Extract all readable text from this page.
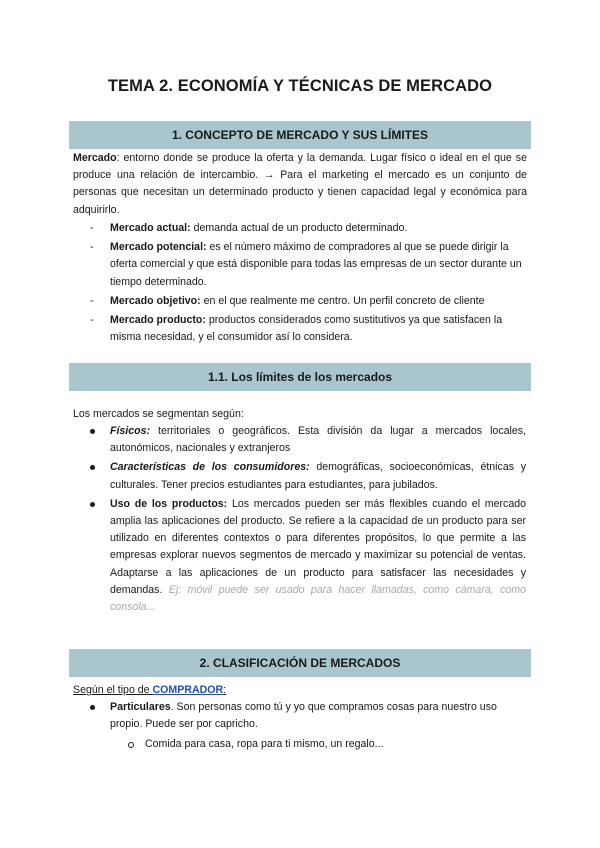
TEMA 2. ECONOMÍA Y TÉCNICAS DE MERCADO
1. CONCEPTO DE MERCADO Y SUS LÍMITES

Mercado: entorno donde se produce la oferta y la demanda. Lugar físico o ideal en el que se produce una relación de intercambio. → Para el marketing el mercado es un conjunto de personas que necesitan un determinado producto y tienen capacidad legal y económica para adquirirlo.

- Mercado actual: demanda actual de un producto determinado.
- Mercado potencial: es el número máximo de compradores al que se puede dirigir la oferta comercial y que está disponible para todas las empresas de un sector durante un tiempo determinado.
- Mercado objetivo: en el que realmente me centro. Un perfil concreto de cliente
- Mercado producto: productos considerados como sustitutivos ya que satisfacen la misma necesidad, y el consumidor así lo considera.
1.1. Los límites de los mercados

Los mercados se segmentan según:

Físicos: territoriales o geográficos. Esta división da lugar a mercados locales, autonómicos, nacionales y extranjeros
Características de los consumidores: demográficas, socioeconómicas, étnicas y culturales. Tener precios estudiantes para estudiantes, para jubilados.
Uso de los productos: Los mercados pueden ser más flexibles cuando el mercado amplia las aplicaciones del producto. Se refiere a la capacidad de un producto para ser utilizado en diferentes contextos o para diferentes propósitos, lo que permite a las empresas explorar nuevos segmentos de mercado y maximizar su potencial de ventas. Adaptarse a las aplicaciones de un producto para satisfacer las necesidades y demandas. Ej: móvil puede ser usado para hacer llamadas, como cámara, como consola...
2. CLASIFICACIÓN DE MERCADOS

Según el tipo de COMPRADOR:

Particulares. Son personas como tú y yo que compramos cosas para nuestro uso propio. Puede ser por capricho.
Comida para casa, ropa para ti mismo, un regalo...
